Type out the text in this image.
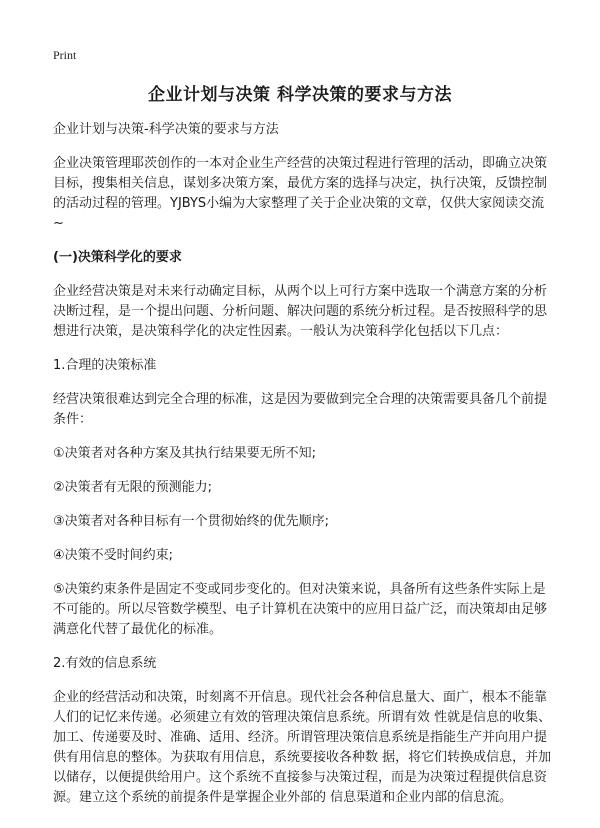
Print
企业计划与决策 科学决策的要求与方法

企业计划与决策-科学决策的要求与方法

企业决策管理耶茨创作的一本对企业生产经营的决策过程进行管理的活动，即确立决策目标，搜集相关信息，谋划多决策方案，最优方案的选择与决定，执行决策，反馈控制的活动过程的管理。YJBYS小编为大家整理了关于企业决策的文章，仅供大家阅读交流~

(一)决策科学化的要求

企业经营决策是对未来行动确定目标，从两个以上可行方案中选取一个满意方案的分析决断过程，是一个提出问题、分析问题、解决问题的系统分析过程。是否按照科学的思想进行决策，是决策科学化的决定性因素。一般认为决策科学化包括以下几点：

1.合理的决策标准

经营决策很难达到完全合理的标准，这是因为要做到完全合理的决策需要具备几个前提条件：

①决策者对各种方案及其执行结果要无所不知;

②决策者有无限的预测能力;

③决策者对各种目标有一个贯彻始终的优先顺序;

④决策不受时间约束;

⑤决策约束条件是固定不变或同步变化的。但对决策来说，具备所有这些条件实际上是不可能的。所以尽管数学模型、电子计算机在决策中的应用日益广泛，而决策却由足够满意化代替了最优化的标准。

2.有效的信息系统

企业的经营活动和决策，时刻离不开信息。现代社会各种信息量大、面广，根本不能靠人们的记忆来传递。必须建立有效的管理决策信息系统。所谓有效 性就是信息的收集、加工、传递要及时、准确、适用、经济。所谓管理决策信息系统是指能生产并向用户提供有用信息的整体。为获取有用信息，系统要接收各种数 据，将它们转换成信息，并加以储存，以便提供给用户。这个系统不直接参与决策过程，而是为决策过程提供信息资源。建立这个系统的前提条件是掌握企业外部的 信息渠道和企业内部的信息流。
